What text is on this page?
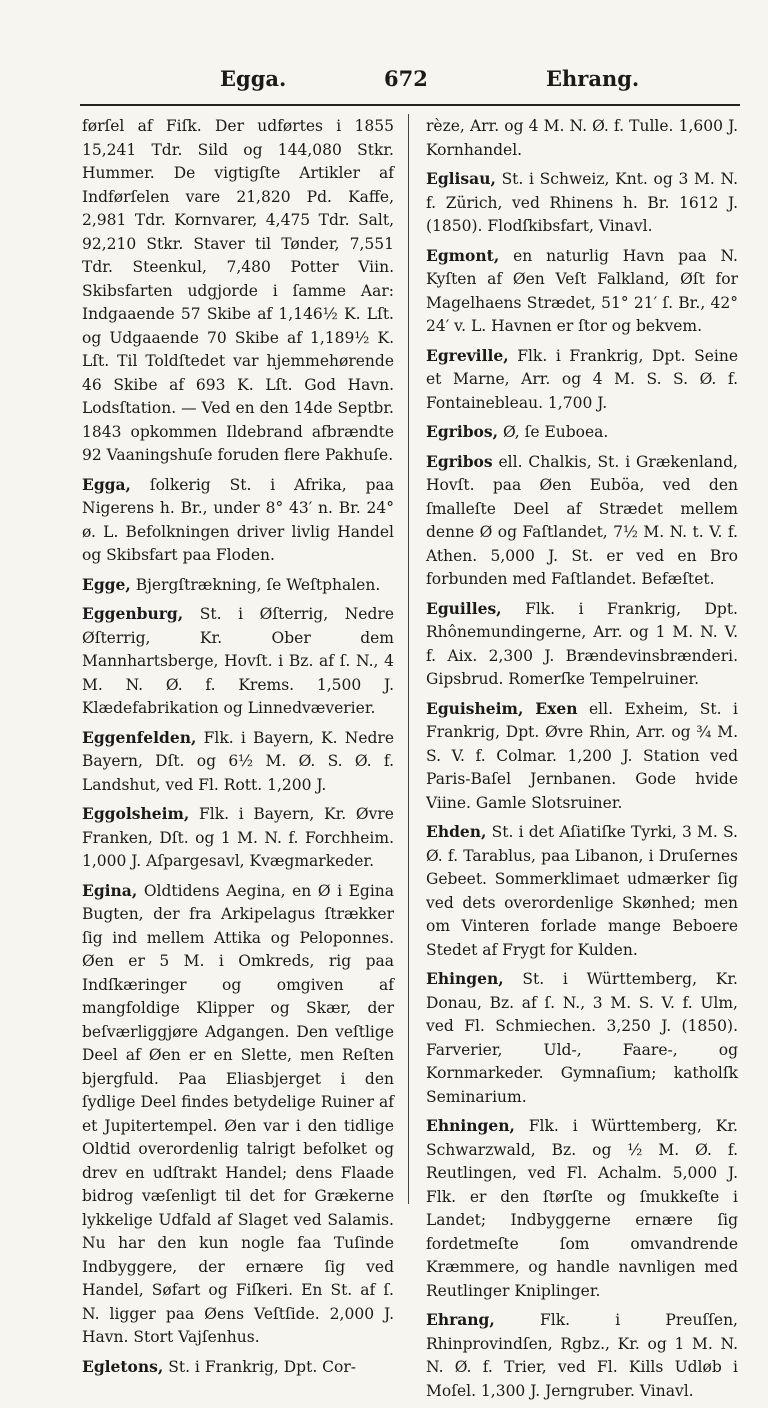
Egga.	672	Ehrang.

førſel af Fiſk. Der udførtes i 1855 15,241 Tdr. Sild og 144,080 Stkr. Hummer. De vigtigſte Artikler af Indførſelen vare 21,820 Pd. Kaffe, 2,981 Tdr. Kornvarer, 4,475 Tdr. Salt, 92,210 Stkr. Staver til Tønder, 7,551 Tdr. Steenkul, 7,480 Potter Viin. Skibsfarten udgjorde i ſamme Aar: Indgaaende 57 Skibe af 1,146½ K. Lſt. og Udgaaende 70 Skibe af 1,189½ K. Lſt. Til Toldſtedet var hjemmehørende 46 Skibe af 693 K. Lſt. God Havn. Lodsſtation. — Ved en den 14de Septbr. 1843 opkommen Ildebrand afbrændte 92 Vaaningshuſe foruden flere Pakhuſe.

Egga, ſolkerig St. i Afrika, paa Nigerens h. Br., under 8° 43′ n. Br. 24° ø. L. Befolkningen driver livlig Handel og Skibsfart paa Floden.

Egge, Bjergſtrækning, ſe Weſtphalen.

Eggenburg, St. i Øſterrig, Nedre Øſterrig, Kr. Ober dem Mannhartsberge, Hovſt. i Bz. af ſ. N., 4 M. N. Ø. f. Krems. 1,500 J. Klædefabrikation og Linnedvæverier.

Eggenfelden, Flk. i Bayern, K. Nedre Bayern, Dſt. og 6½ M. Ø. S. Ø. f. Landshut, ved Fl. Rott. 1,200 J.

Eggolsheim, Flk. i Bayern, Kr. Øvre Franken, Dſt. og 1 M. N. f. Forchheim. 1,000 J. Aſpargesavl, Kvægmarkeder.

Egina, Oldtidens Aegina, en Ø i Egina Bugten, der fra Arkipelagus ſtrækker ſig ind mellem Attika og Peloponnes. Øen er 5 M. i Omkreds, rig paa Indſkæringer og omgiven af mangfoldige Klipper og Skær, der beſværliggjøre Adgangen. Den veſtlige Deel af Øen er en Slette, men Reſten bjergfuld. Paa Eliasbjerget i den ſydlige Deel findes betydelige Ruiner af et Jupitertempel. Øen var i den tidlige Oldtid overordenlig talrigt befolket og drev en udſtrakt Handel; dens Flaade bidrog væſenligt til det for Grækerne lykkelige Udfald af Slaget ved Salamis. Nu har den kun nogle faa Tuſinde Indbyggere, der ernære ſig ved Handel, Søfart og Fiſkeri. En St. af ſ. N. ligger paa Øens Veſtſide. 2,000 J. Havn. Stort Vajſenhus.

Egletons, St. i Frankrig, Dpt. Cor-

rèze, Arr. og 4 M. N. Ø. f. Tulle. 1,600 J. Kornhandel.

Eglisau, St. i Schweiz, Knt. og 3 M. N. f. Zürich, ved Rhinens h. Br. 1612 J. (1850). Flodſkibsfart, Vinavl.

Egmont, en naturlig Havn paa N. Kyſten af Øen Veſt Falkland, Øſt for Magelhaens Strædet, 51° 21′ ſ. Br., 42° 24′ v. L. Havnen er ſtor og bekvem.

Egreville, Flk. i Frankrig, Dpt. Seine et Marne, Arr. og 4 M. S. S. Ø. f. Fontainebleau. 1,700 J.

Egribos, Ø, ſe Euboea.

Egribos ell. Chalkis, St. i Grækenland, Hovſt. paa Øen Euböa, ved den ſmalleſte Deel af Strædet mellem denne Ø og Faſtlandet, 7½ M. N. t. V. f. Athen. 5,000 J. St. er ved en Bro forbunden med Faſtlandet. Befæſtet.

Eguilles, Flk. i Frankrig, Dpt. Rhônemundingerne, Arr. og 1 M. N. V. f. Aix. 2,300 J. Brændevinsbrænderi. Gipsbrud. Romerſke Tempelruiner.

Eguisheim, Exen ell. Exheim, St. i Frankrig, Dpt. Øvre Rhin, Arr. og ¾ M. S. V. f. Colmar. 1,200 J. Station ved Paris-Baſel Jernbanen. Gode hvide Viine. Gamle Slotsruiner.

Ehden, St. i det Aſiatiſke Tyrki, 3 M. S. Ø. f. Tarablus, paa Libanon, i Druſernes Gebeet. Sommerklimaet udmærker ſig ved dets overordenlige Skønhed; men om Vinteren forlade mange Beboere Stedet af Frygt for Kulden.

Ehingen, St. i Württemberg, Kr. Donau, Bz. af ſ. N., 3 M. S. V. f. Ulm, ved Fl. Schmiechen. 3,250 J. (1850). Farverier, Uld-, Faare-, og Kornmarkeder. Gymnaſium; katholſk Seminarium.

Ehningen, Flk. i Württemberg, Kr. Schwarzwald, Bz. og ½ M. Ø. f. Reutlingen, ved Fl. Achalm. 5,000 J. Flk. er den ſtørſte og ſmukkeſte i Landet; Indbyggerne ernære ſig fordetmeſte ſom omvandrende Kræmmere, og handle navnligen med Reutlinger Kniplinger.

Ehrang,	Flk. i Preuſſen, Rhinprovindſen, Rgbz., Kr. og 1 M. N. N. Ø. f. Trier, ved Fl. Kills Udløb i Moſel. 1,300 J. Jerngruber. Vinavl.
